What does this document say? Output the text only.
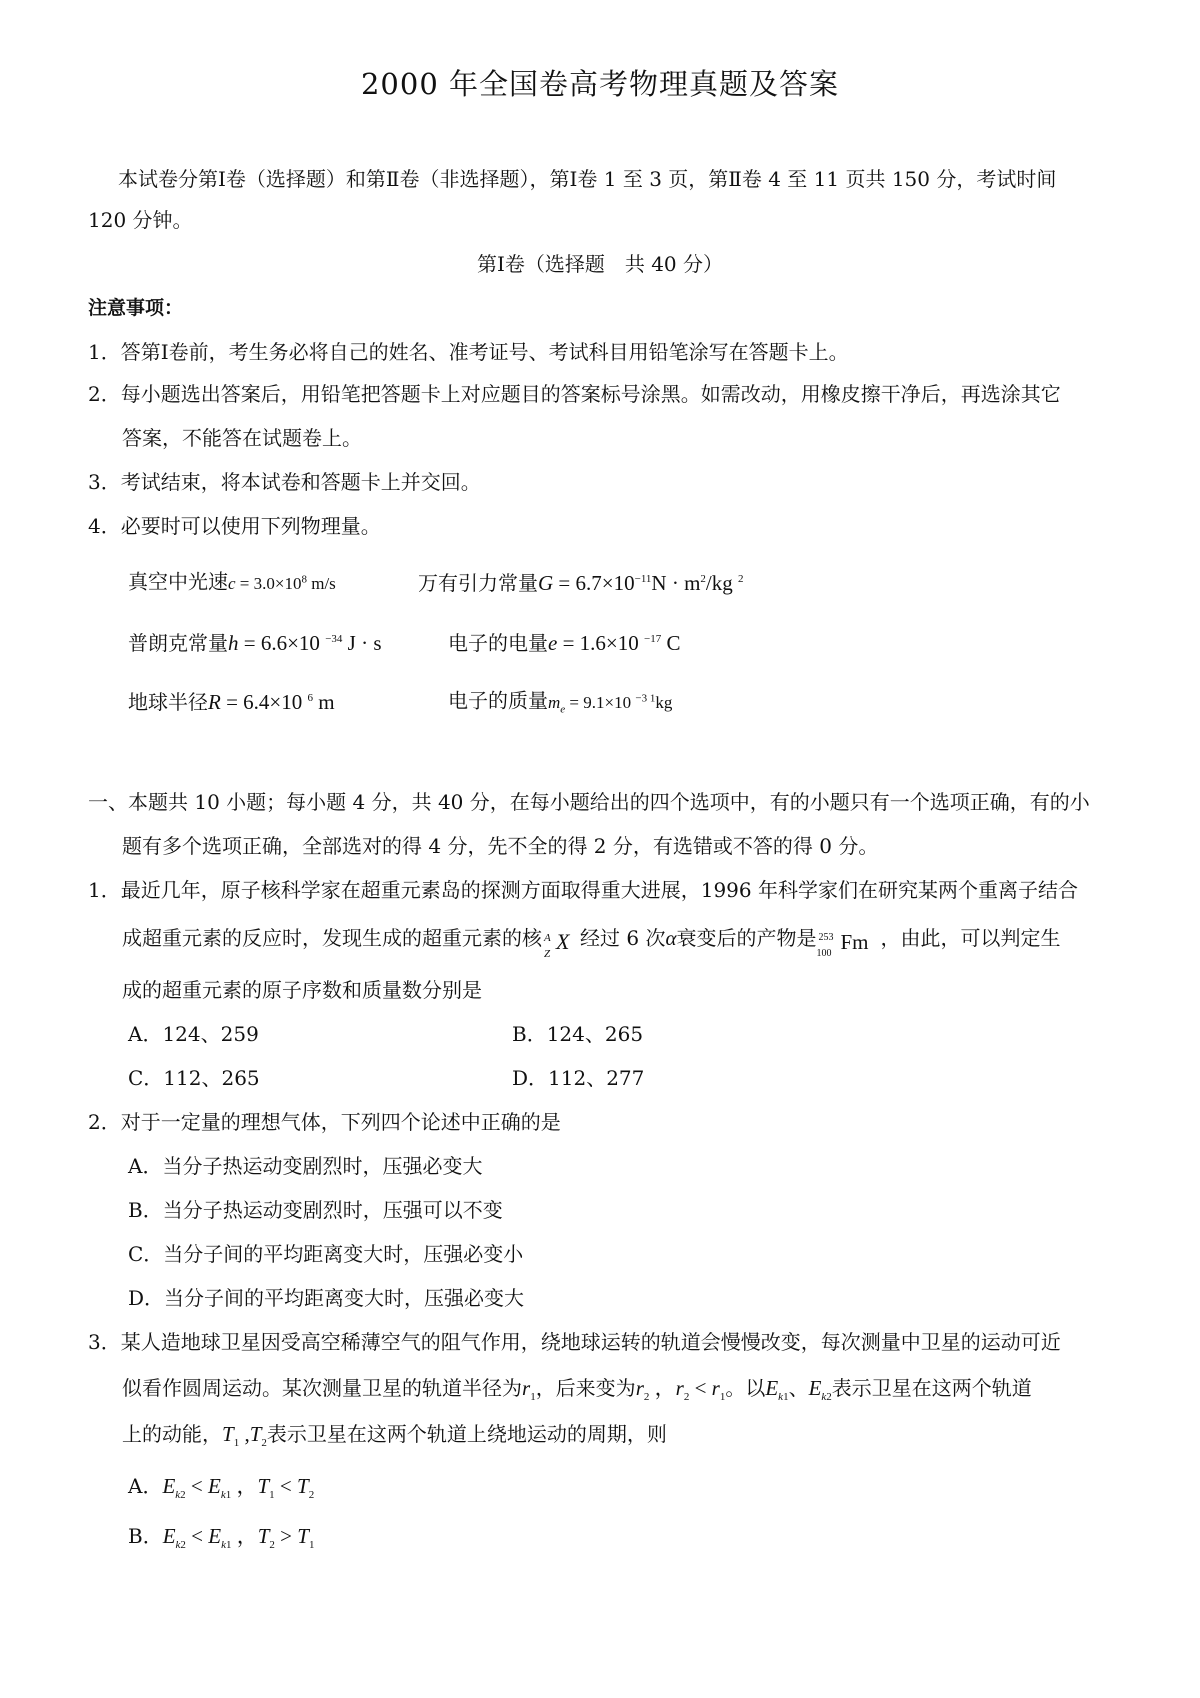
2000 年全国卷高考物理真题及答案
本试卷分第Ⅰ卷（选择题）和第Ⅱ卷（非选择题），第Ⅰ卷 1 至 3 页，第Ⅱ卷 4 至 11 页共 150 分，考试时间
120 分钟。
第Ⅰ卷（选择题　共 40 分）
注意事项：
1．答第Ⅰ卷前，考生务必将自己的姓名、准考证号、考试科目用铅笔涂写在答题卡上。
2．每小题选出答案后，用铅笔把答题卡上对应题目的答案标号涂黑。如需改动，用橡皮擦干净后，再选涂其它
答案，不能答在试题卷上。
3．考试结束，将本试卷和答题卡上并交回。
4．必要时可以使用下列物理量。
真空中光速$c = 3.0\times 10^8$ m/s	万有引力常量$G = 6.7\times 10^{-11}N \cdot m^2/kg$ $^2$
普朗克常量h = 6.6×10 $^{-34}$ J · s	电子的电量e = 1.6×10 $^{-17}$ C
地球半径R = 6.4×10 $^6$ m	电子的质量$m_e = 9.1\times 10$ $^{-3 1}$kg
一、本题共 10 小题；每小题 4 分，共 40 分，在每小题给出的四个选项中，有的小题只有一个选项正确，有的小
题有多个选项正确，全部选对的得 4 分，先不全的得 2 分，有选错或不答的得 0 分。
1．最近几年，原子核科学家在超重元素岛的探测方面取得重大进展，1996 年科学家们在研究某两个重离子结合
成超重元素的反应时，发现生成的超重元素的核 A
Z X 经过 6 次α衰变后的产物是 253
100 Fm ，由此，可以判定生
成的超重元素的原子序数和质量数分别是
A．124、259	B．124、265
C．112、265	D．112、277
2．对于一定量的理想气体，下列四个论述中正确的是
A．当分子热运动变剧烈时，压强必变大
B．当分子热运动变剧烈时，压强可以不变
C．当分子间的平均距离变大时，压强必变小
D．当分子间的平均距离变大时，压强必变大
3．某人造地球卫星因受高空稀薄空气的阻气作用，绕地球运转的轨道会慢慢改变，每次测量中卫星的运动可近
似看作圆周运动。某次测量卫星的轨道半径为$r_1$，后来变为$r_2$ ，$r_2 < r_1$。以$E_{k1}$、$E_{k2}$表示卫星在这两个轨道
上的动能，$T_1$ $,T_2$表示卫星在这两个轨道上绕地运动的周期，则
A．$E_{k2} < E_{k1}$ ，$T_1 < T_2$
B．$E_{k2} < E_{k1}$ ，$T_2 > T_1$
